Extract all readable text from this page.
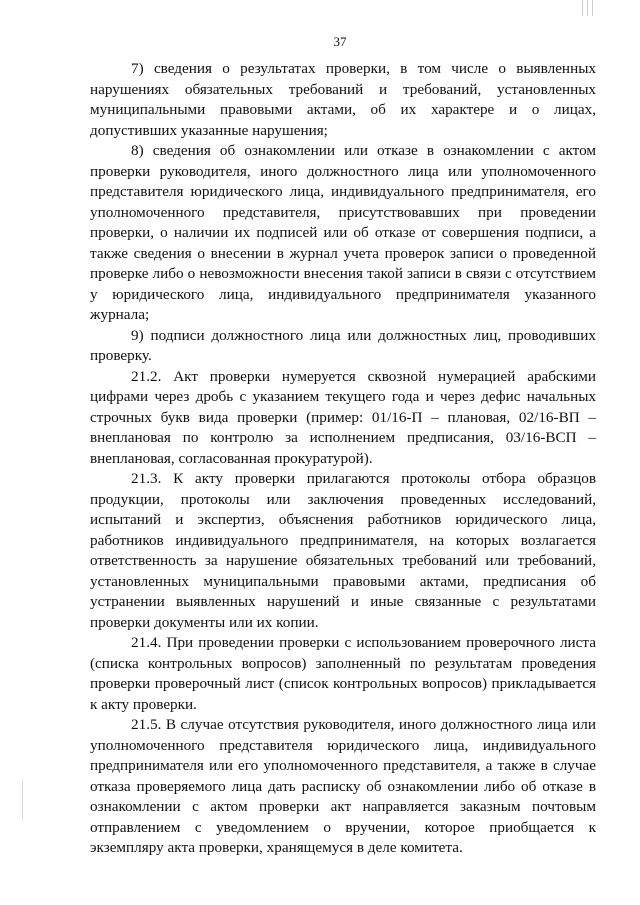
37

7) сведения о результатах проверки, в том числе о выявленных нарушениях обязательных требований и требований, установленных муниципальными правовыми актами, об их характере и о лицах, допустивших указанные нарушения;

8) сведения об ознакомлении или отказе в ознакомлении с актом проверки руководителя, иного должностного лица или уполномоченного представителя юридического лица, индивидуального предпринимателя, его уполномоченного представителя, присутствовавших при проведении проверки, о наличии их подписей или об отказе от совершения подписи, а также сведения о внесении в журнал учета проверок записи о проведенной проверке либо о невозможности внесения такой записи в связи с отсутствием у юридического лица, индивидуального предпринимателя указанного журнала;

9) подписи должностного лица или должностных лиц, проводивших проверку.

21.2. Акт проверки нумеруется сквозной нумерацией арабскими цифрами через дробь с указанием текущего года и через дефис начальных строчных букв вида проверки (пример: 01/16-П – плановая, 02/16-ВП – внеплановая по контролю за исполнением предписания, 03/16-ВСП – внеплановая, согласованная прокуратурой).

21.3. К акту проверки прилагаются протоколы отбора образцов продукции, протоколы или заключения проведенных исследований, испытаний и экспертиз, объяснения работников юридического лица, работников индивидуального предпринимателя, на которых возлагается ответственность за нарушение обязательных требований или требований, установленных муниципальными правовыми актами, предписания об устранении выявленных нарушений и иные связанные с результатами проверки документы или их копии.

21.4. При проведении проверки с использованием проверочного листа (списка контрольных вопросов) заполненный по результатам проведения проверки проверочный лист (список контрольных вопросов) прикладывается к акту проверки.

21.5. В случае отсутствия руководителя, иного должностного лица или уполномоченного представителя юридического лица, индивидуального предпринимателя или его уполномоченного представителя, а также в случае отказа проверяемого лица дать расписку об ознакомлении либо об отказе в ознакомлении с актом проверки акт направляется заказным почтовым отправлением с уведомлением о вручении, которое приобщается к экземпляру акта проверки, хранящемуся в деле комитета.
